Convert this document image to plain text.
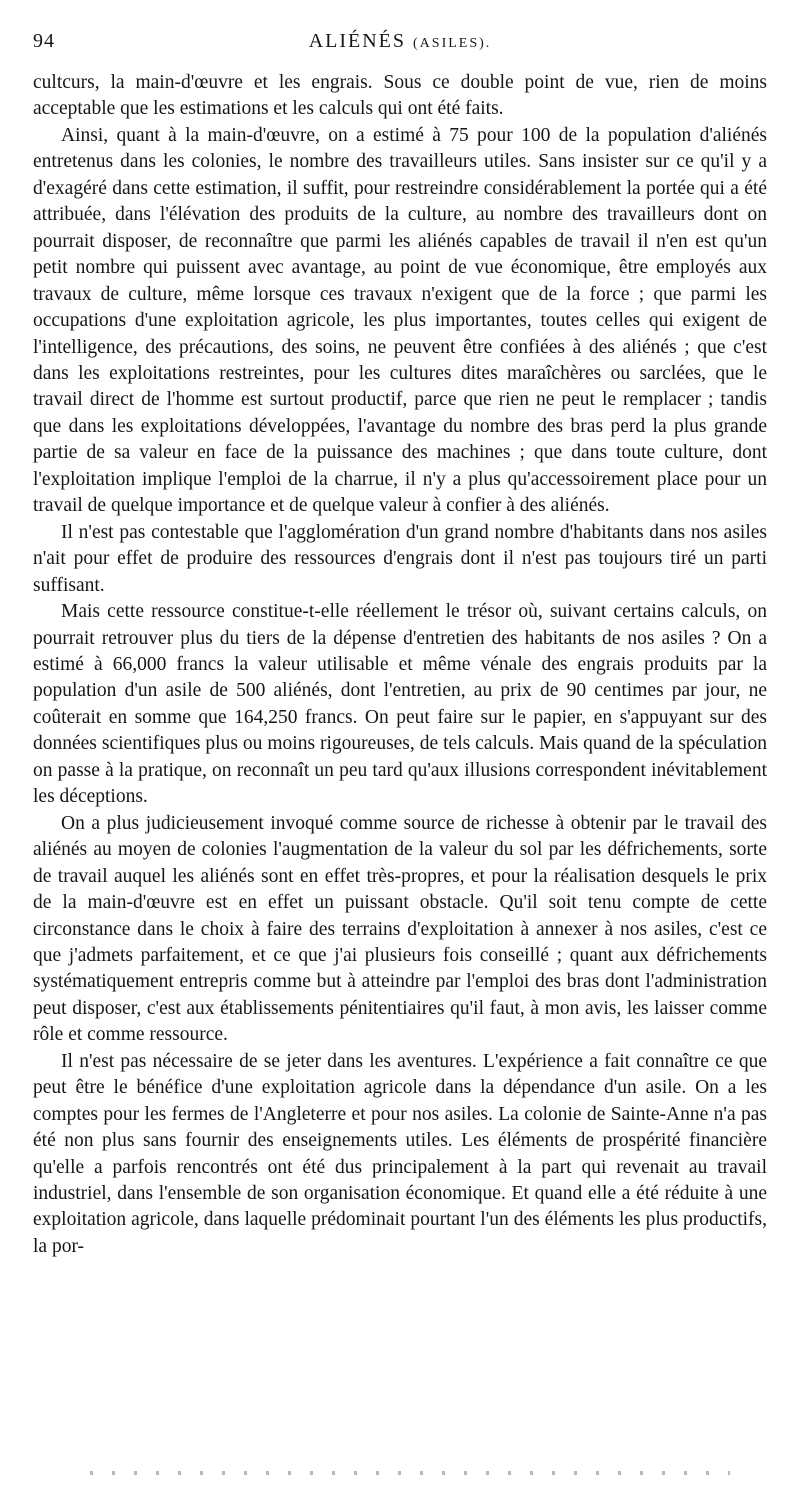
94	ALIÉNÉS (ASILES).

cultcurs, la main-d'œuvre et les engrais. Sous ce double point de vue, rien de moins acceptable que les estimations et les calculs qui ont été faits.

Ainsi, quant à la main-d'œuvre, on a estimé à 75 pour 100 de la population d'aliénés entretenus dans les colonies, le nombre des travailleurs utiles. Sans insister sur ce qu'il y a d'exagéré dans cette estimation, il suffit, pour restreindre considérablement la portée qui a été attribuée, dans l'élévation des produits de la culture, au nombre des travailleurs dont on pourrait disposer, de reconnaître que parmi les aliénés capables de travail il n'en est qu'un petit nombre qui puissent avec avantage, au point de vue économique, être employés aux travaux de culture, même lorsque ces travaux n'exigent que de la force ; que parmi les occupations d'une exploitation agricole, les plus importantes, toutes celles qui exigent de l'intelligence, des précautions, des soins, ne peuvent être confiées à des aliénés ; que c'est dans les exploitations restreintes, pour les cultures dites maraîchères ou sarclées, que le travail direct de l'homme est surtout productif, parce que rien ne peut le remplacer ; tandis que dans les exploitations développées, l'avantage du nombre des bras perd la plus grande partie de sa valeur en face de la puissance des machines ; que dans toute culture, dont l'exploitation implique l'emploi de la charrue, il n'y a plus qu'accessoirement place pour un travail de quelque importance et de quelque valeur à confier à des aliénés.

Il n'est pas contestable que l'agglomération d'un grand nombre d'habitants dans nos asiles n'ait pour effet de produire des ressources d'engrais dont il n'est pas toujours tiré un parti suffisant.

Mais cette ressource constitue-t-elle réellement le trésor où, suivant certains calculs, on pourrait retrouver plus du tiers de la dépense d'entretien des habitants de nos asiles ? On a estimé à 66,000 francs la valeur utilisable et même vénale des engrais produits par la population d'un asile de 500 aliénés, dont l'entretien, au prix de 90 centimes par jour, ne coûterait en somme que 164,250 francs. On peut faire sur le papier, en s'appuyant sur des données scientifiques plus ou moins rigoureuses, de tels calculs. Mais quand de la spéculation on passe à la pratique, on reconnaît un peu tard qu'aux illusions correspondent inévitablement les déceptions.

On a plus judicieusement invoqué comme source de richesse à obtenir par le travail des aliénés au moyen de colonies l'augmentation de la valeur du sol par les défrichements, sorte de travail auquel les aliénés sont en effet très-propres, et pour la réalisation desquels le prix de la main-d'œuvre est en effet un puissant obstacle. Qu'il soit tenu compte de cette circonstance dans le choix à faire des terrains d'exploitation à annexer à nos asiles, c'est ce que j'admets parfaitement, et ce que j'ai plusieurs fois conseillé ; quant aux défrichements systématiquement entrepris comme but à atteindre par l'emploi des bras dont l'administration peut disposer, c'est aux établissements pénitentiaires qu'il faut, à mon avis, les laisser comme rôle et comme ressource.

Il n'est pas nécessaire de se jeter dans les aventures. L'expérience a fait connaître ce que peut être le bénéfice d'une exploitation agricole dans la dépendance d'un asile. On a les comptes pour les fermes de l'Angleterre et pour nos asiles. La colonie de Sainte-Anne n'a pas été non plus sans fournir des enseignements utiles. Les éléments de prospérité financière qu'elle a parfois rencontrés ont été dus principalement à la part qui revenait au travail industriel, dans l'ensemble de son organisation économique. Et quand elle a été réduite à une exploitation agricole, dans laquelle prédominait pourtant l'un des éléments les plus productifs, la por-
